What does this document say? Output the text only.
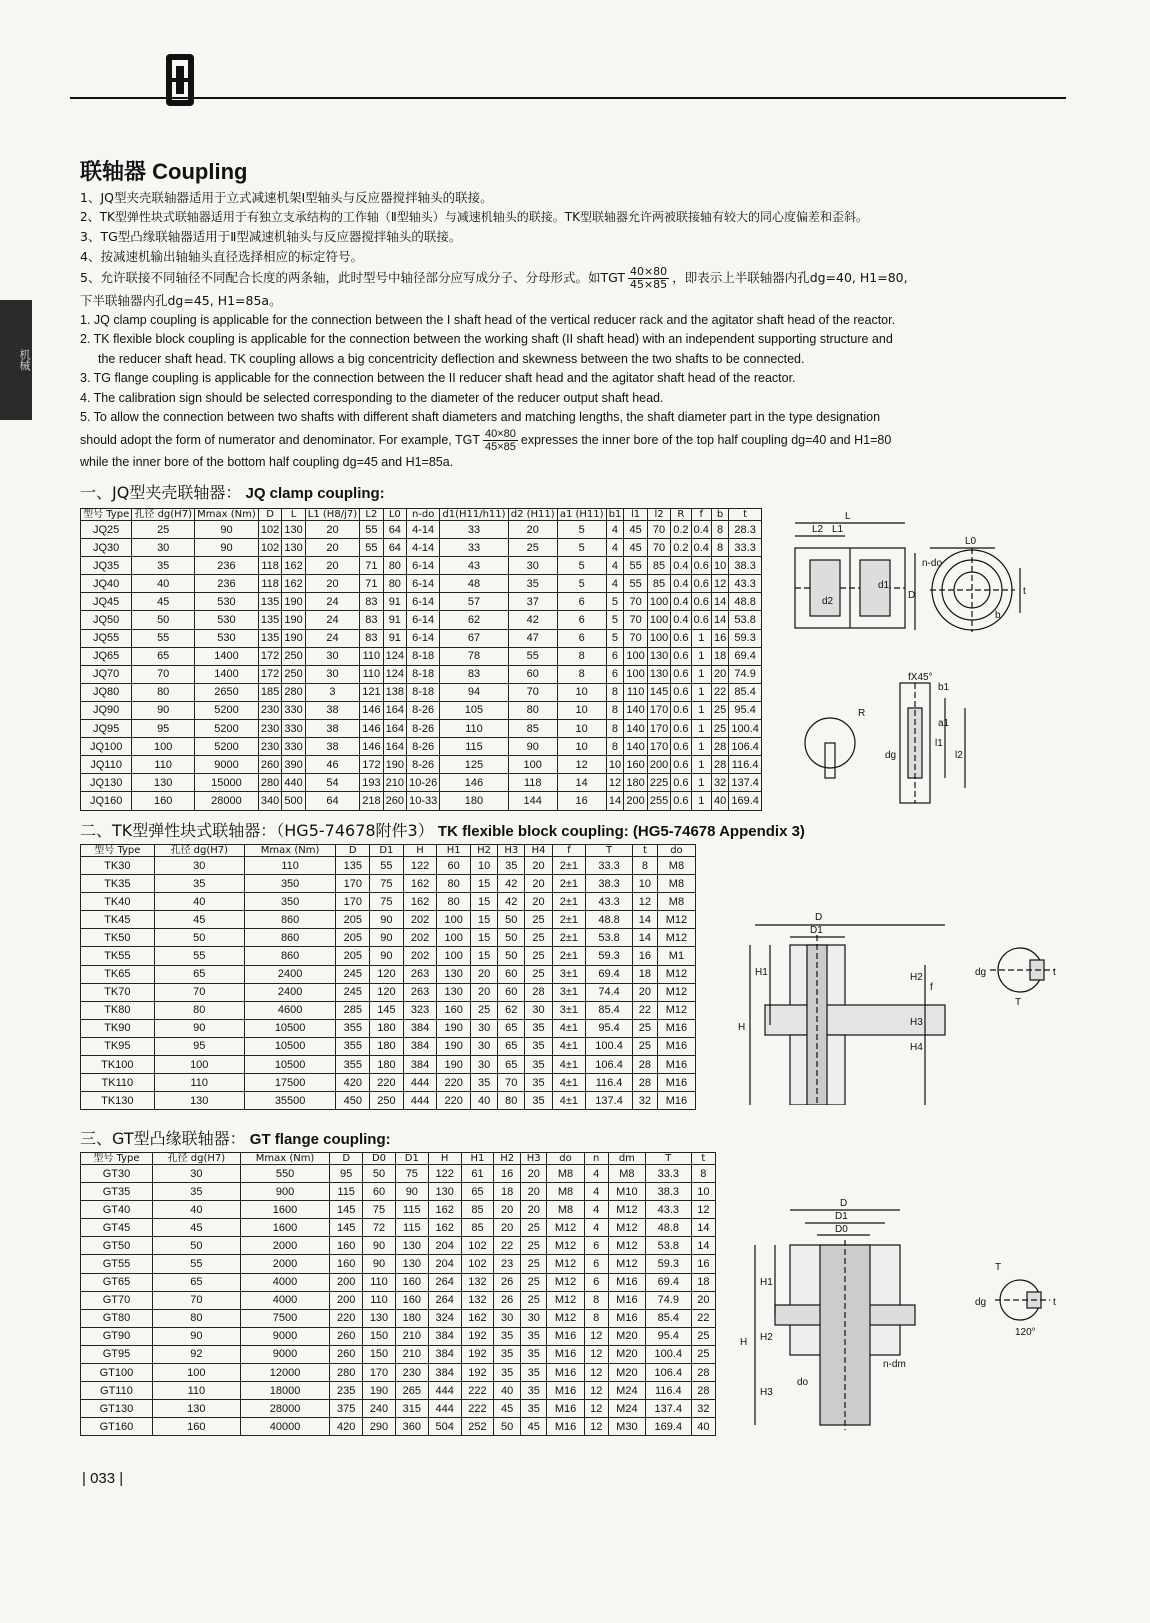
机械
联轴器 Coupling

1、JQ型夹壳联轴器适用于立式减速机架Ⅰ型轴头与反应器搅拌轴头的联接。

2、TK型弹性块式联轴器适用于有独立支承结构的工作轴（Ⅱ型轴头）与减速机轴头的联接。TK型联轴器允许两被联接轴有较大的同心度偏差和歪斜。

3、TG型凸缘联轴器适用于Ⅱ型减速机轴头与反应器搅拌轴头的联接。

4、按减速机输出轴轴头直径选择相应的标定符号。

5、允许联接不同轴径不同配合长度的两条轴，此时型号中轴径部分应写成分子、分母形式。如TGT $\frac{40\times 80}{45\times 85}$ ，即表示上半联轴器内孔dg=40, H1=80,

下半联轴器内孔dg=45, H1=85a。

1. JQ clamp coupling is applicable for the connection between the I shaft head of the vertical reducer rack and the agitator shaft head of the reactor.

2. TK flexible block coupling is applicable for the connection between the working shaft (II shaft head) with an independent supporting structure and

the reducer shaft head. TK coupling allows a big concentricity deflection and skewness between the two shafts to be connected.

3. TG flange coupling is applicable for the connection between the II reducer shaft head and the agitator shaft head of the reactor.

4. The calibration sign should be selected corresponding to the diameter of the reducer output shaft head.

5. To allow the connection between two shafts with different shaft diameters and matching lengths, the shaft diameter part in the type designation

should adopt the form of numerator and denominator. For example, TGT $\frac{40\times 80}{45\times 85}$ expresses the inner bore of the top half coupling dg=40 and H1=80

while the inner bore of the bottom half coupling dg=45 and H1=85a.

一、JQ型夹壳联轴器： JQ clamp coupling:
型号 Type	孔径 dg(H7)	Mmax (Nm)	D	L	L1 (H8/j7)	L2	L0	n-do	d1(H11/h11)	d2 (H11)	a1 (H11)	b1	l1	l2	R	f	b	t
JQ25	25	90	102	130	20	55	64	4-14	33	20	5	4	45	70	0.2	0.4	8	28.3
JQ30	30	90	102	130	20	55	64	4-14	33	25	5	4	45	70	0.2	0.4	8	33.3
JQ35	35	236	118	162	20	71	80	6-14	43	30	5	4	55	85	0.4	0.6	10	38.3
JQ40	40	236	118	162	20	71	80	6-14	48	35	5	4	55	85	0.4	0.6	12	43.3
JQ45	45	530	135	190	24	83	91	6-14	57	37	6	5	70	100	0.4	0.6	14	48.8
JQ50	50	530	135	190	24	83	91	6-14	62	42	6	5	70	100	0.4	0.6	14	53.8
JQ55	55	530	135	190	24	83	91	6-14	67	47	6	5	70	100	0.6	1	16	59.3
JQ65	65	1400	172	250	30	110	124	8-18	78	55	8	6	100	130	0.6	1	18	69.4
JQ70	70	1400	172	250	30	110	124	8-18	83	60	8	6	100	130	0.6	1	20	74.9
JQ80	80	2650	185	280	3	121	138	8-18	94	70	10	8	110	145	0.6	1	22	85.4
JQ90	90	5200	230	330	38	146	164	8-26	105	80	10	8	140	170	0.6	1	25	95.4
JQ95	95	5200	230	330	38	146	164	8-26	110	85	10	8	140	170	0.6	1	25	100.4
JQ100	100	5200	230	330	38	146	164	8-26	115	90	10	8	140	170	0.6	1	28	106.4
JQ110	110	9000	260	390	46	172	190	8-26	125	100	12	10	160	200	0.6	1	28	116.4
JQ130	130	15000	280	440	54	193	210	10-26	146	118	14	12	180	225	0.6	1	32	137.4
JQ160	160	28000	340	500	64	218	260	10-33	180	144	16	14	200	255	0.6	1	40	169.4
L
L2 L1
L0
n-do
D
d1
d2
t
b
fX45°
b1
R
l1
l2
a1
dg
二、TK型弹性块式联轴器：（HG5-74678附件3） TK flexible block coupling: (HG5-74678 Appendix 3)
型号 Type	孔径 dg(H7)	Mmax (Nm)	D	D1	H	H1	H2	H3	H4	f	T	t	do
TK30	30	110	135	55	122	60	10	35	20	2±1	33.3	8	M8
TK35	35	350	170	75	162	80	15	42	20	2±1	38.3	10	M8
TK40	40	350	170	75	162	80	15	42	20	2±1	43.3	12	M8
TK45	45	860	205	90	202	100	15	50	25	2±1	48.8	14	M12
TK50	50	860	205	90	202	100	15	50	25	2±1	53.8	14	M12
TK55	55	860	205	90	202	100	15	50	25	2±1	59.3	16	M1
TK65	65	2400	245	120	263	130	20	60	25	3±1	69.4	18	M12
TK70	70	2400	245	120	263	130	20	60	28	3±1	74.4	20	M12
TK80	80	4600	285	145	323	160	25	62	30	3±1	85.4	22	M12
TK90	90	10500	355	180	384	190	30	65	35	4±1	95.4	25	M16
TK95	95	10500	355	180	384	190	30	65	35	4±1	100.4	25	M16
TK100	100	10500	355	180	384	190	30	65	35	4±1	106.4	28	M16
TK110	110	17500	420	220	444	220	35	70	35	4±1	116.4	28	M16
TK130	130	35500	450	250	444	220	40	80	35	4±1	137.4	32	M16
D
D1
H
H1	H2
H3
H4
f
dg
T
t
三、GT型凸缘联轴器： GT flange coupling:
型号 Type	孔径 dg(H7)	Mmax (Nm)	D	D0	D1	H	H1	H2	H3	do	n	dm	T	t
GT30	30	550	95	50	75	122	61	16	20	M8	4	M8	33.3	8
GT35	35	900	115	60	90	130	65	18	20	M8	4	M10	38.3	10
GT40	40	1600	145	75	115	162	85	20	20	M8	4	M12	43.3	12
GT45	45	1600	145	72	115	162	85	20	25	M12	4	M12	48.8	14
GT50	50	2000	160	90	130	204	102	22	25	M12	6	M12	53.8	14
GT55	55	2000	160	90	130	204	102	23	25	M12	6	M12	59.3	16
GT65	65	4000	200	110	160	264	132	26	25	M12	6	M16	69.4	18
GT70	70	4000	200	110	160	264	132	26	25	M12	8	M16	74.9	20
GT80	80	7500	220	130	180	324	162	30	30	M12	8	M16	85.4	22
GT90	90	9000	260	150	210	384	192	35	35	M16	12	M20	95.4	25
GT95	92	9000	260	150	210	384	192	35	35	M16	12	M20	100.4	25
GT100	100	12000	280	170	230	384	192	35	35	M16	12	M20	106.4	28
GT110	110	18000	235	190	265	444	222	40	35	M16	12	M24	116.4	28
GT130	130	28000	375	240	315	444	222	45	35	M16	12	M24	137.4	32
GT160	160	40000	420	290	360	504	252	50	45	M16	12	M30	169.4	40
D
D1
D0
H
H1
H2
H3
do
n-dm
T
dg	t
120°
| 033 |
